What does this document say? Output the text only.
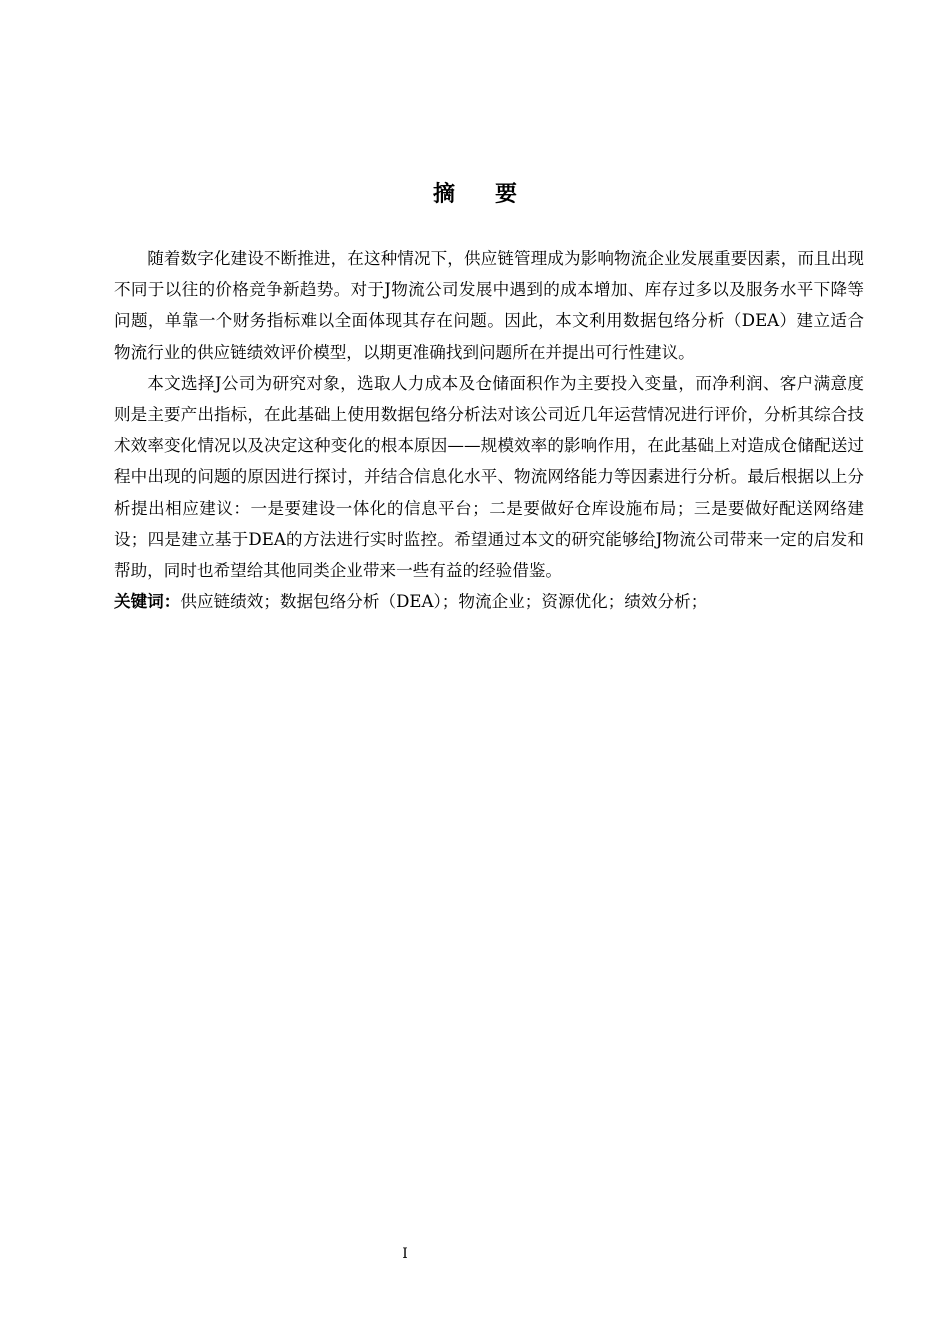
摘要

随着数字化建设不断推进，在这种情况下，供应链管理成为影响物流企业发展重要因素，而且出现不同于以往的价格竞争新趋势。对于J物流公司发展中遇到的成本增加、库存过多以及服务水平下降等问题，单靠一个财务指标难以全面体现其存在问题。因此，本文利用数据包络分析（DEA）建立适合物流行业的供应链绩效评价模型，以期更准确找到问题所在并提出可行性建议。

本文选择J公司为研究对象，选取人力成本及仓储面积作为主要投入变量，而净利润、客户满意度则是主要产出指标，在此基础上使用数据包络分析法对该公司近几年运营情况进行评价，分析其综合技术效率变化情况以及决定这种变化的根本原因——规模效率的影响作用，在此基础上对造成仓储配送过程中出现的问题的原因进行探讨，并结合信息化水平、物流网络能力等因素进行分析。最后根据以上分析提出相应建议：一是要建设一体化的信息平台；二是要做好仓库设施布局；三是要做好配送网络建设；四是建立基于DEA的方法进行实时监控。希望通过本文的研究能够给J物流公司带来一定的启发和帮助，同时也希望给其他同类企业带来一些有益的经验借鉴。

关键词：供应链绩效；数据包络分析（DEA）；物流企业；资源优化；绩效分析；

I
